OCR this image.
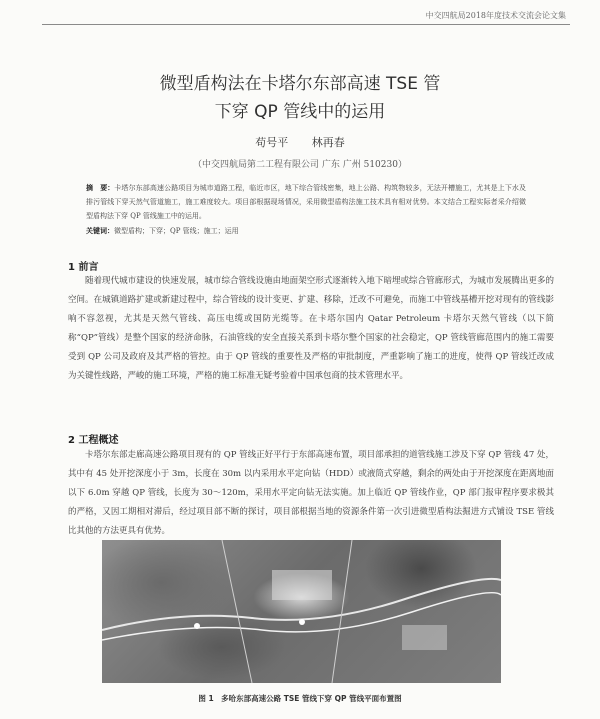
中交四航局2018年度技术交流会论文集
微型盾构法在卡塔尔东部高速 TSE 管
下穿 QP 管线中的运用
苟号平 林再春
（中交四航局第二工程有限公司 广东 广州 510230）
摘　要：卡塔尔东部高速公路项目为城市道路工程，临近市区，地下综合管线密集，地上公路、构筑物较多，无法开槽施工，尤其是上下水及排污管线下穿天然气管道施工，施工难度较大。项目部根据现场情况，采用微型盾构法施工技术具有相对优势。本文结合工程实际者采介绍微型盾构法下穿 QP 管线施工中的运用。
关键词：微型盾构；下穿；QP 管线；施工；运用
1 前言

随着现代城市建设的快速发展，城市综合管线设施由地面架空形式逐渐转入地下暗埋或综合管廊形式，为城市发展腾出更多的空间。在城镇道路扩建或新建过程中，综合管线的设计变更、扩建、移除，迁改不可避免，而施工中管线基槽开挖对现有的管线影响不容忽视，尤其是天然气管线、高压电缆或国防光缆等。在卡塔尔国内 Qatar Petroleum 卡塔尔天然气管线（以下简称“QP”管线）是整个国家的经济命脉，石油管线的安全直接关系到卡塔尔整个国家的社会稳定，QP 管线管廊范围内的施工需要受到 QP 公司及政府及其严格的管控。由于 QP 管线的重要性及严格的审批制度，严重影响了施工的进度，使得 QP 管线迁改成为关键性线路，严峻的施工环境，严格的施工标准无疑考验着中国承包商的技术管理水平。

2 工程概述

卡塔尔东部走廊高速公路项目现有的 QP 管线正好平行于东部高速布置，项目部承担的道管线施工涉及下穿 QP 管线 47 处，其中有 45 处开挖深度小于 3m，长度在 30m 以内采用水平定向钻（HDD）或液筒式穿越，剩余的两处由于开挖深度在距离地面以下 6.0m 穿越 QP 管线，长度为 30～120m，采用水平定向钻无法实施。加上临近 QP 管线作业，QP 部门报审程序要求极其的严格，又因工期相对滞后，经过项目部不断的探讨，项目部根据当地的资源条件第一次引进微型盾构法掘进方式铺设 TSE 管线比其他的方法更具有优势。

图 1　多哈东部高速公路 TSE 管线下穿 QP 管线平面布置图
